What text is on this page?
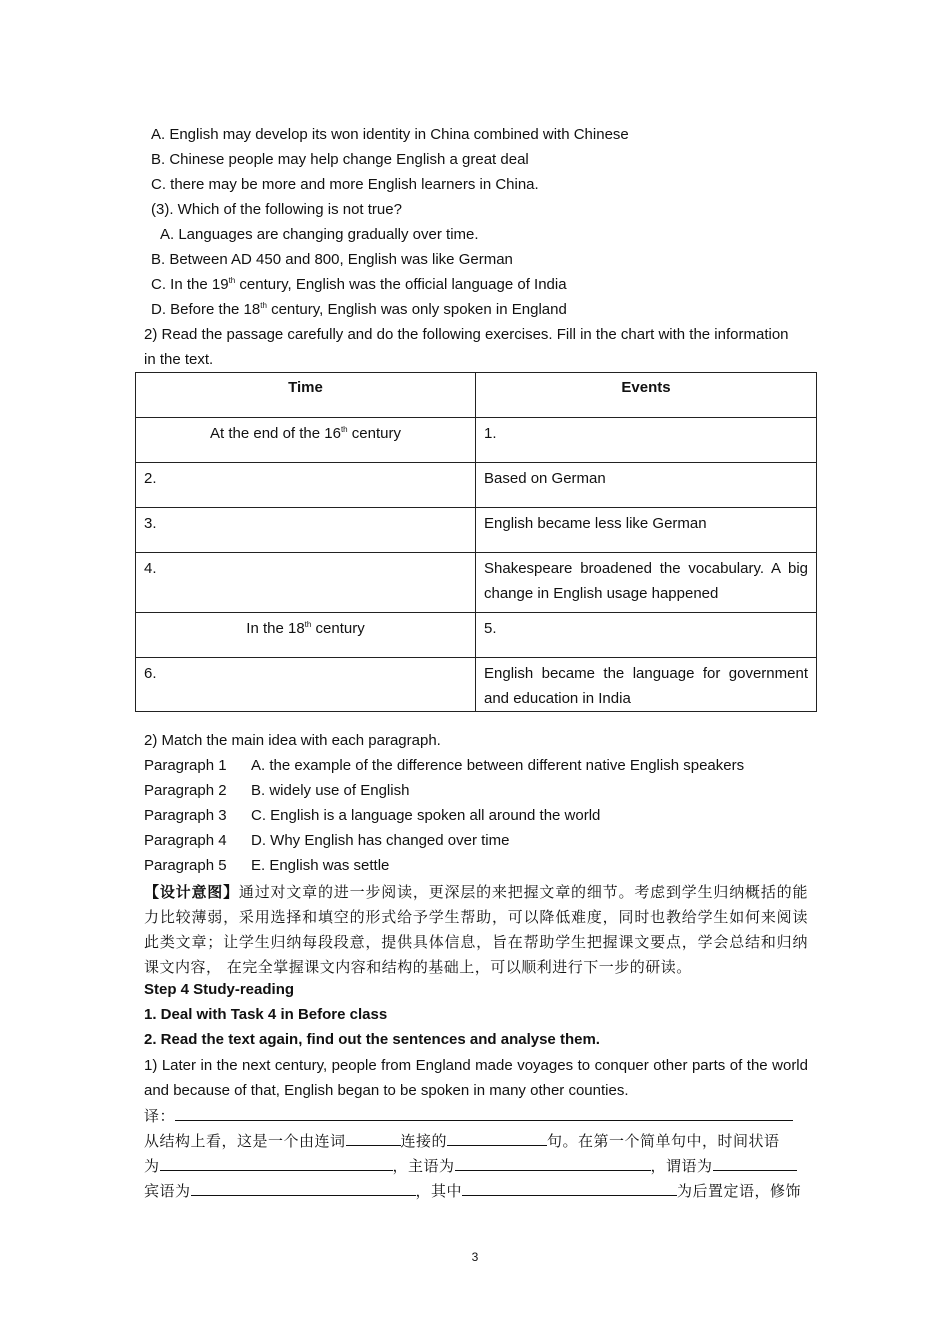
A. English may develop its won identity in China combined with Chinese
B. Chinese people may help change English a great deal
C. there may be more and more English learners in China.
(3). Which of the following is not true?
A. Languages are changing gradually over time.
B. Between AD 450 and 800, English was like German
C. In the 19th century, English was the official language of India
D. Before the 18th century, English was only spoken in England
2) Read the passage carefully and do the following exercises. Fill in the chart with the information
in the text.
Time	Events
At the end of the 16th century	1.
2.	Based on German
3.	English became less like German
4.	Shakespeare broadened the vocabulary. A big change in English usage happened
In the 18th century	5.
6.	English became the language for government and education in India
2) Match the main idea with each paragraph.
Paragraph 1 A. the example of the difference between different native English speakers
Paragraph 2 B. widely use of English
Paragraph 3 C. English is a language spoken all around the world
Paragraph 4 D. Why English has changed over time
Paragraph 5 E. English was settle
【设计意图】通过对文章的进一步阅读，更深层的来把握文章的细节。考虑到学生归纳概括的能力比较薄弱，采用选择和填空的形式给予学生帮助，可以降低难度，同时也教给学生如何来阅读此类文章；让学生归纳每段段意，提供具体信息，旨在帮助学生把握课文要点，学会总结和归纳课文内容， 在完全掌握课文内容和结构的基础上，可以顺利进行下一步的研读。
Step 4 Study-reading
1. Deal with Task 4 in Before class
2. Read the text again, find out the sentences and analyse them.
1) Later in the next century, people from England made voyages to conquer other parts of the world and because of that, English began to be spoken in many other counties.
译：
从结构上看，这是一个由连词	连接的	句。在第一个简单句中，时间状语
为	，主语为	，谓语为
宾语为	，其中	为后置定语，修饰
3
